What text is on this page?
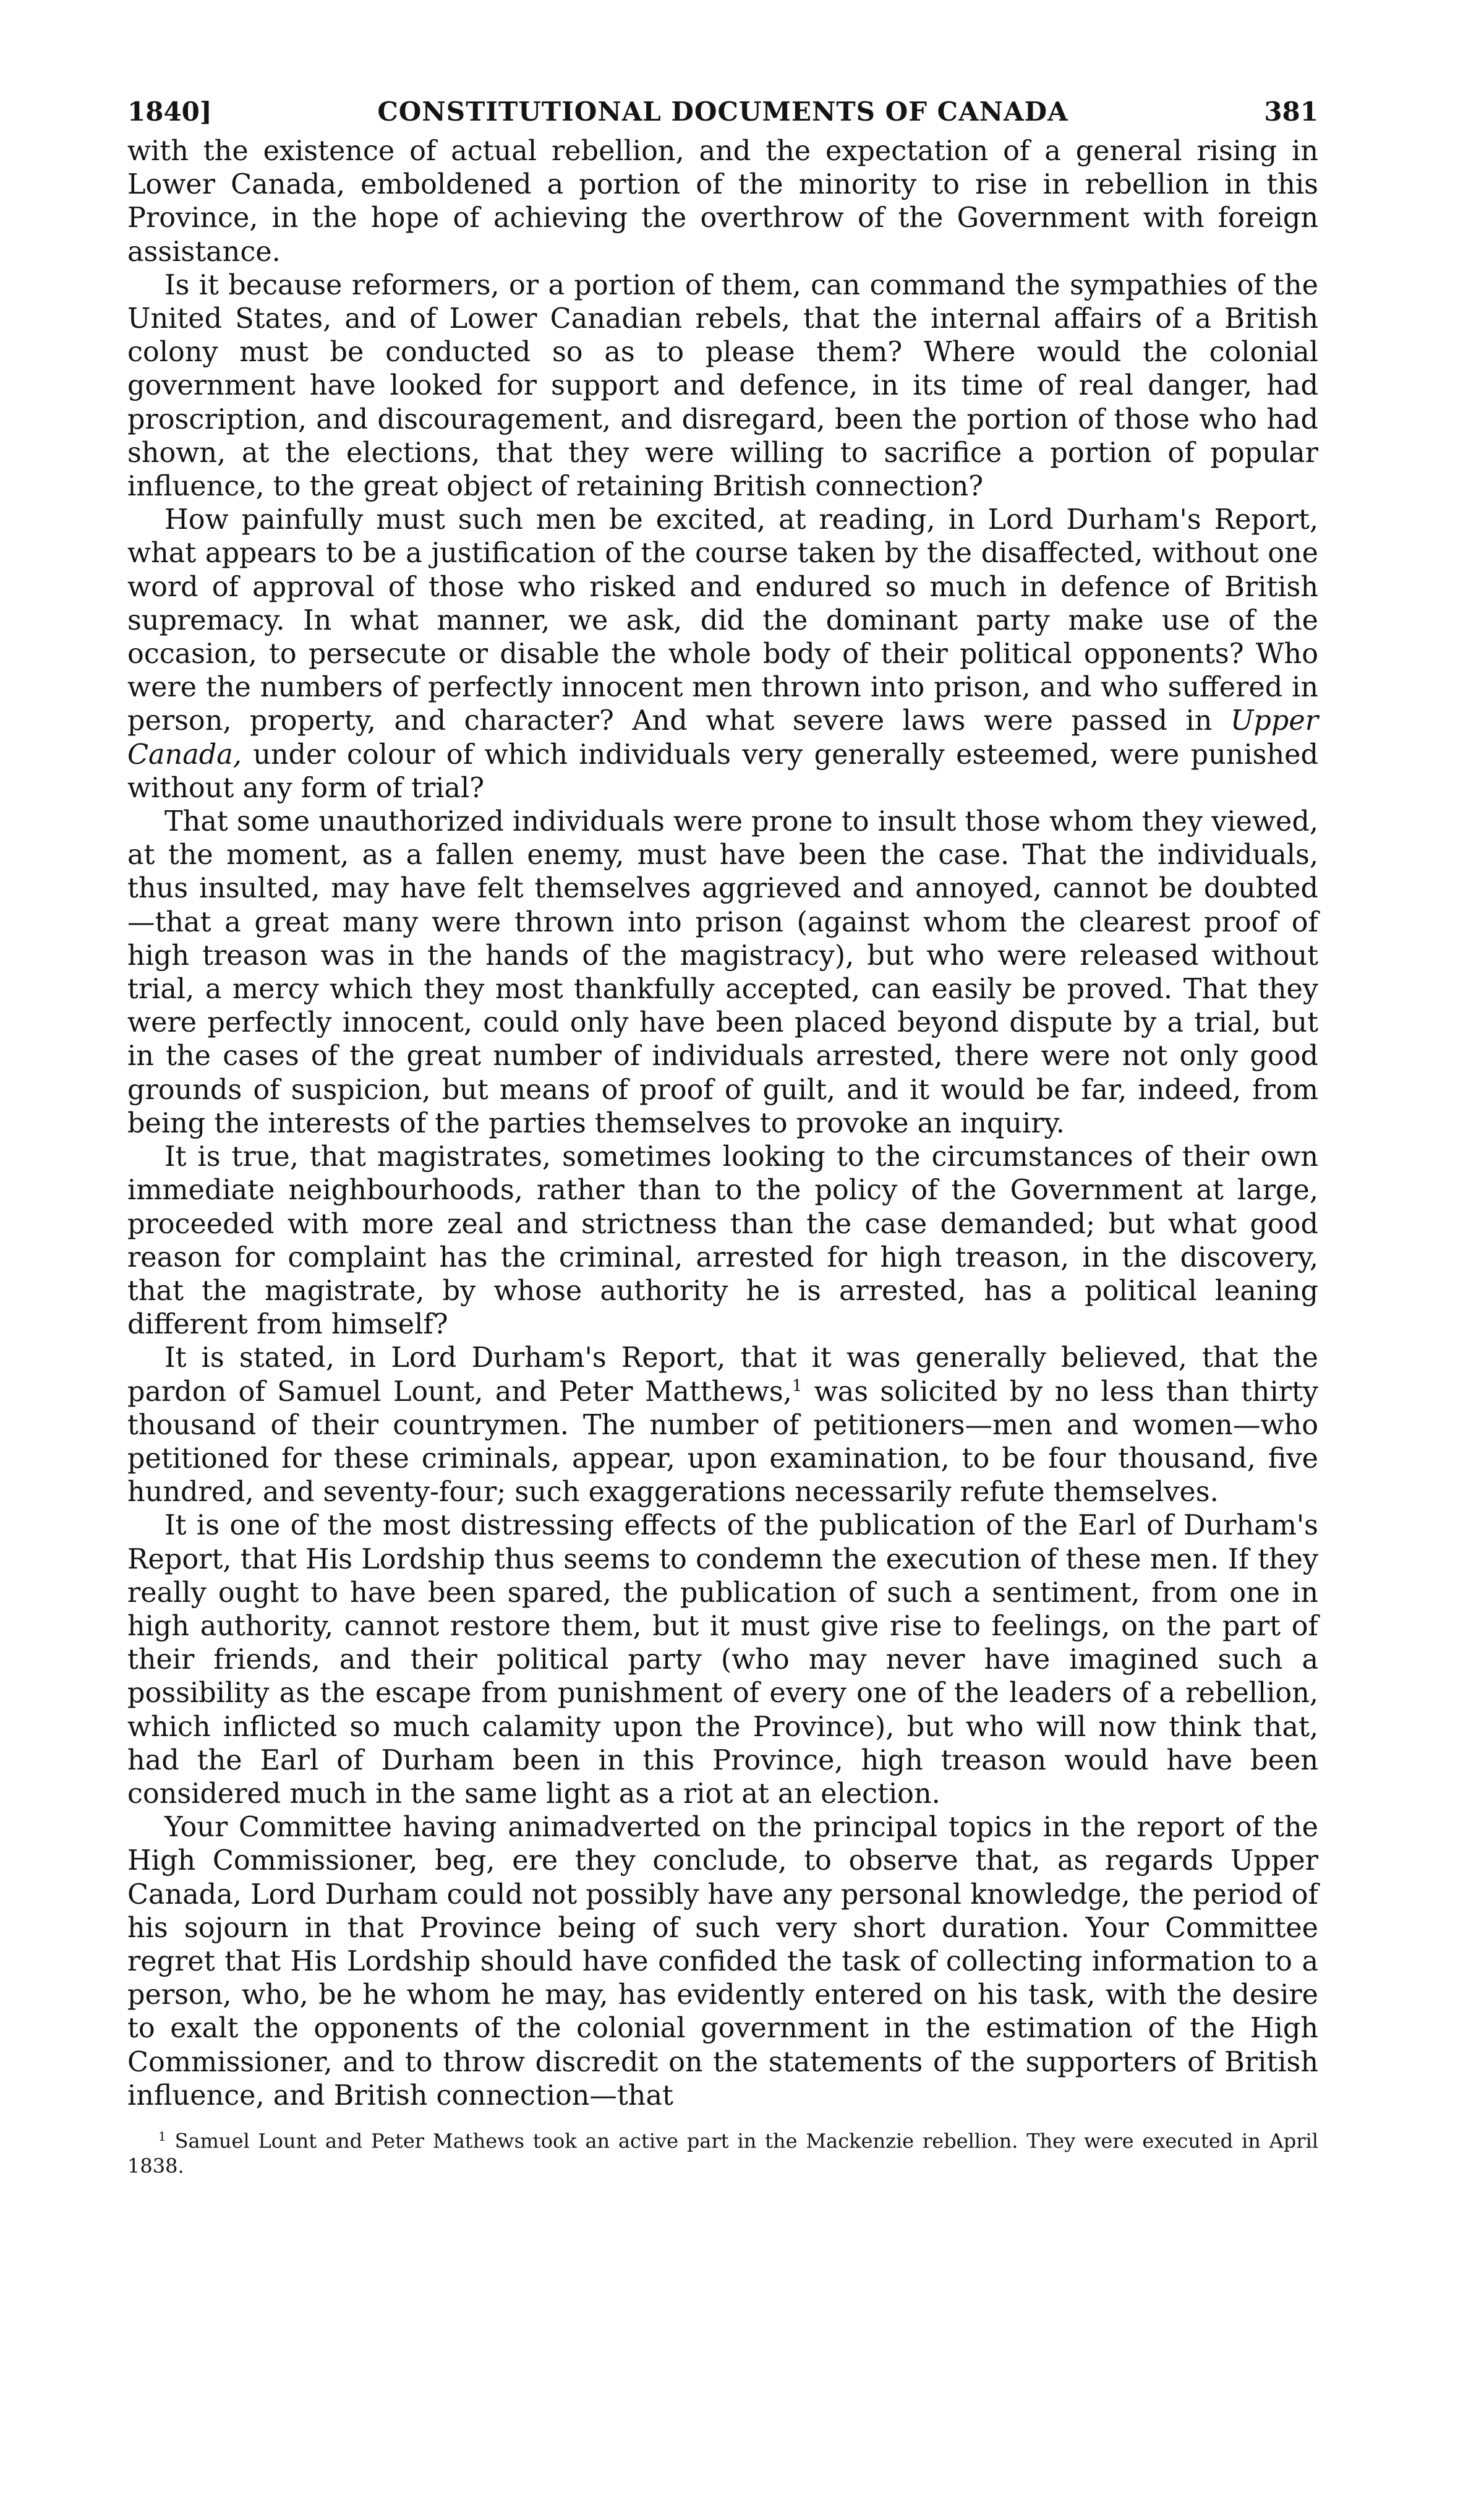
1840]	CONSTITUTIONAL DOCUMENTS OF CANADA	381

with the existence of actual rebellion, and the expectation of a general rising in Lower Canada, emboldened a portion of the minority to rise in rebellion in this Province, in the hope of achieving the overthrow of the Government with foreign assistance.

Is it because reformers, or a portion of them, can command the sympathies of the United States, and of Lower Canadian rebels, that the internal affairs of a British colony must be conducted so as to please them? Where would the colonial government have looked for support and defence, in its time of real danger, had proscription, and discouragement, and disregard, been the portion of those who had shown, at the elections, that they were willing to sacrifice a portion of popular influence, to the great object of retaining British connection?

How painfully must such men be excited, at reading, in Lord Durham's Report, what appears to be a justification of the course taken by the disaffected, without one word of approval of those who risked and endured so much in defence of British supremacy. In what manner, we ask, did the dominant party make use of the occasion, to persecute or disable the whole body of their political opponents? Who were the numbers of perfectly innocent men thrown into prison, and who suffered in person, property, and character? And what severe laws were passed in Upper Canada, under colour of which individuals very generally esteemed, were punished without any form of trial?

That some unauthorized individuals were prone to insult those whom they viewed, at the moment, as a fallen enemy, must have been the case. That the individuals, thus insulted, may have felt themselves aggrieved and annoyed, cannot be doubted—that a great many were thrown into prison (against whom the clearest proof of high treason was in the hands of the magistracy), but who were released without trial, a mercy which they most thankfully accepted, can easily be proved. That they were perfectly innocent, could only have been placed beyond dispute by a trial, but in the cases of the great number of individuals arrested, there were not only good grounds of suspicion, but means of proof of guilt, and it would be far, indeed, from being the interests of the parties themselves to provoke an inquiry.

It is true, that magistrates, sometimes looking to the circumstances of their own immediate neighbourhoods, rather than to the policy of the Government at large, proceeded with more zeal and strictness than the case demanded; but what good reason for complaint has the criminal, arrested for high treason, in the discovery, that the magistrate, by whose authority he is arrested, has a political leaning different from himself?

It is stated, in Lord Durham's Report, that it was generally believed, that the pardon of Samuel Lount, and Peter Matthews,$^1$ was solicited by no less than thirty thousand of their countrymen. The number of petitioners—men and women—who petitioned for these criminals, appear, upon examination, to be four thousand, five hundred, and seventy-four; such exaggerations necessarily refute themselves.

It is one of the most distressing effects of the publication of the Earl of Durham's Report, that His Lordship thus seems to condemn the execution of these men. If they really ought to have been spared, the publication of such a sentiment, from one in high authority, cannot restore them, but it must give rise to feelings, on the part of their friends, and their political party (who may never have imagined such a possibility as the escape from punishment of every one of the leaders of a rebellion, which inflicted so much calamity upon the Province), but who will now think that, had the Earl of Durham been in this Province, high treason would have been considered much in the same light as a riot at an election.

Your Committee having animadverted on the principal topics in the report of the High Commissioner, beg, ere they conclude, to observe that, as regards Upper Canada, Lord Durham could not possibly have any personal knowledge, the period of his sojourn in that Province being of such very short duration. Your Committee regret that His Lordship should have confided the task of collecting information to a person, who, be he whom he may, has evidently entered on his task, with the desire to exalt the opponents of the colonial government in the estimation of the High Commissioner, and to throw discredit on the statements of the supporters of British influence, and British connection—that

$^1$ Samuel Lount and Peter Mathews took an active part in the Mackenzie rebellion. They were executed in April 1838.
